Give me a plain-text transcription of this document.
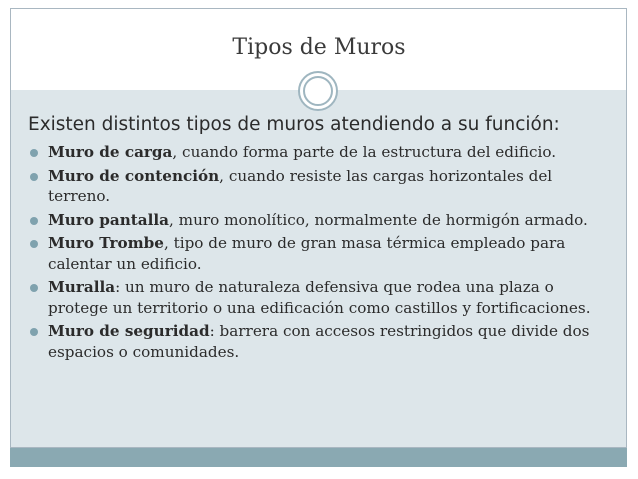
Tipos de Muros

Existen distintos tipos de muros atendiendo a su función:

Muro de carga, cuando forma parte de la estructura del edificio.
Muro de contención, cuando resiste las cargas horizontales del terreno.
Muro pantalla, muro monolítico, normalmente de hormigón armado.
Muro Trombe, tipo de muro de gran masa térmica empleado para calentar un edificio.
Muralla: un muro de naturaleza defensiva que rodea una plaza o protege un territorio o una edificación como castillos y fortificaciones.
Muro de seguridad: barrera con accesos restringidos que divide dos espacios o comunidades.
